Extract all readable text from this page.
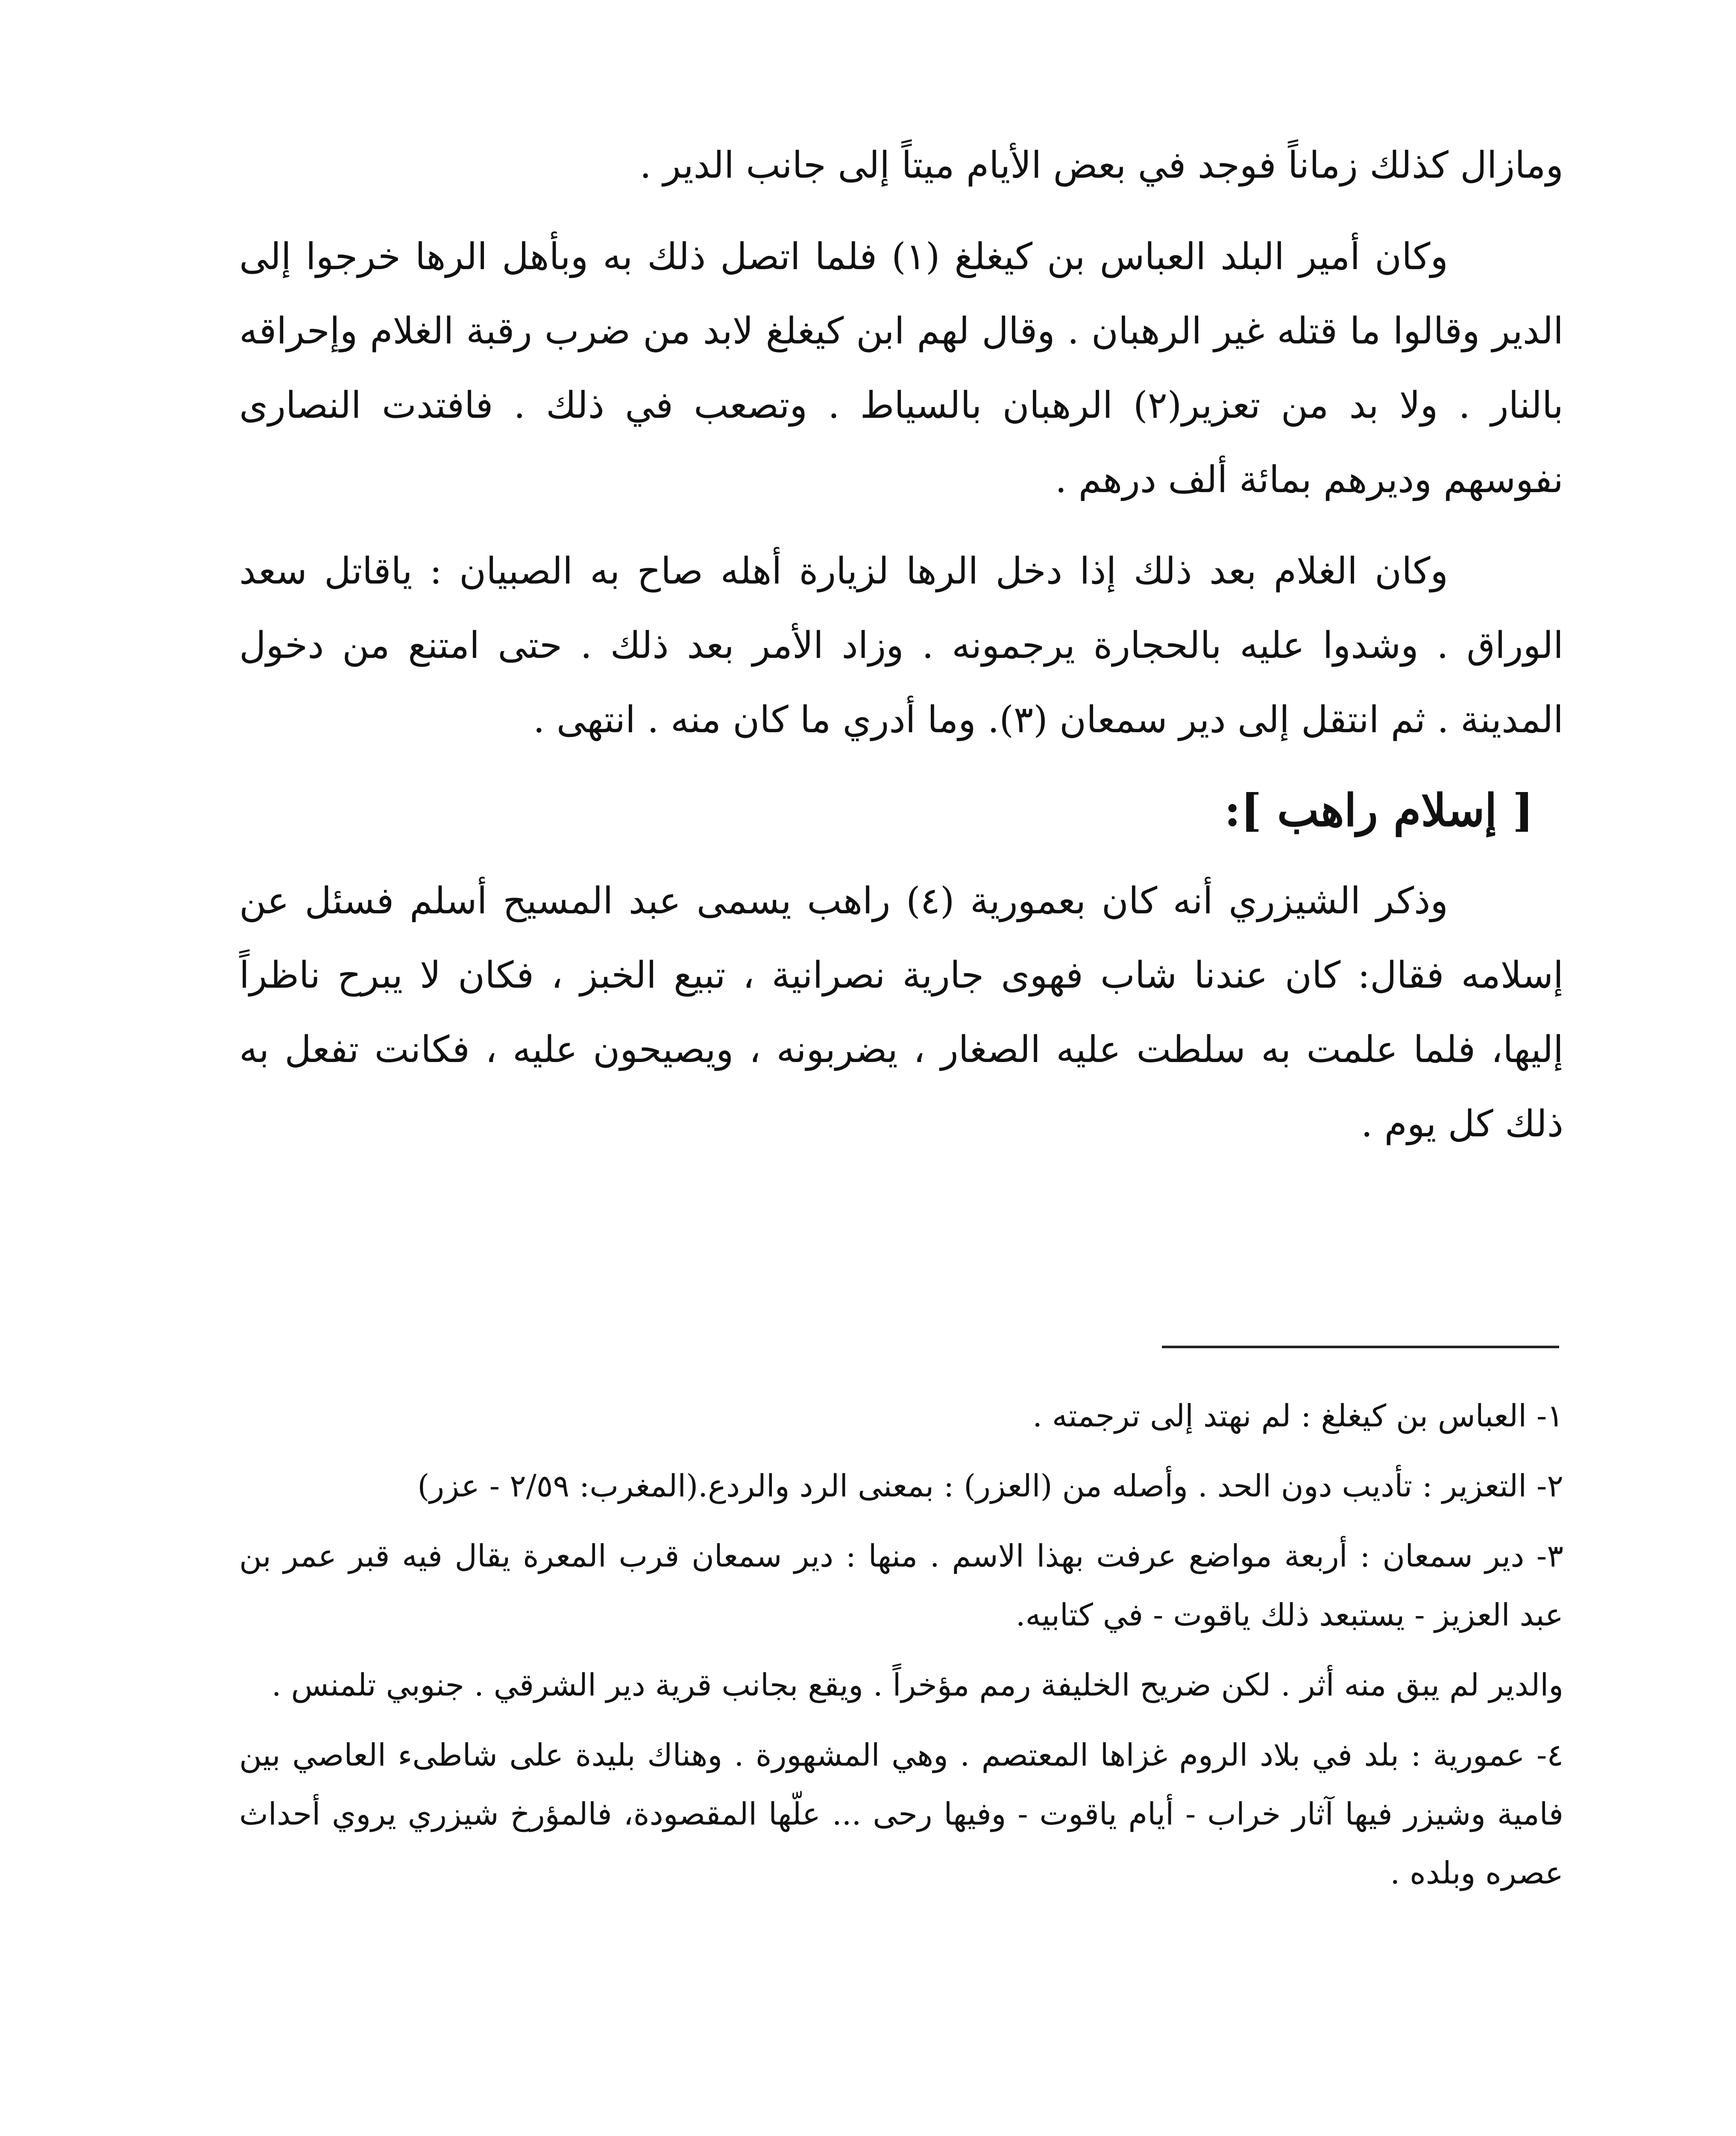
ومازال كذلك زماناً فوجد في بعض الأيام ميتاً إلى جانب الدير .

وكان أمير البلد العباس بن كيغلغ (١) فلما اتصل ذلك به وبأهل الرها خرجوا إلى الدير وقالوا ما قتله غير الرهبان . وقال لهم ابن كيغلغ لابد من ضرب رقبة الغلام وإحراقه بالنار . ولا بد من تعزير(٢) الرهبان بالسياط . وتصعب في ذلك . فافتدت النصارى نفوسهم وديرهم بمائة ألف درهم .

وكان الغلام بعد ذلك إذا دخل الرها لزيارة أهله صاح به الصبيان : ياقاتل سعد الوراق . وشدوا عليه بالحجارة يرجمونه . وزاد الأمر بعد ذلك . حتى امتنع من دخول المدينة . ثم انتقل إلى دير سمعان (٣). وما أدري ما كان منه . انتهى .

[ إسلام راهب ]:

وذكر الشيزري أنه كان بعمورية (٤) راهب يسمى عبد المسيح أسلم فسئل عن إسلامه فقال: كان عندنا شاب فهوى جارية نصرانية ، تبيع الخبز ، فكان لا يبرح ناظراً إليها، فلما علمت به سلطت عليه الصغار ، يضربونه ، ويصيحون عليه ، فكانت تفعل به ذلك كل يوم .

١- العباس بن كيغلغ : لم نهتد إلى ترجمته .

٢- التعزير : تأديب دون الحد . وأصله من (العزر) : بمعنى الرد والردع.(المغرب: ٢/٥٩ - عزر)

٣- دير سمعان : أربعة مواضع عرفت بهذا الاسم . منها : دير سمعان قرب المعرة يقال فيه قبر عمر بن عبد العزيز - يستبعد ذلك ياقوت - في كتابيه.

والدير لم يبق منه أثر . لكن ضريح الخليفة رمم مؤخراً . ويقع بجانب قرية دير الشرقي . جنوبي تلمنس .

٤- عمورية : بلد في بلاد الروم غزاها المعتصم . وهي المشهورة . وهناك بليدة على شاطىء العاصي بين فامية وشيزر فيها آثار خراب - أيام ياقوت - وفيها رحى ... علّها المقصودة، فالمؤرخ شيزري يروي أحداث عصره وبلده .
